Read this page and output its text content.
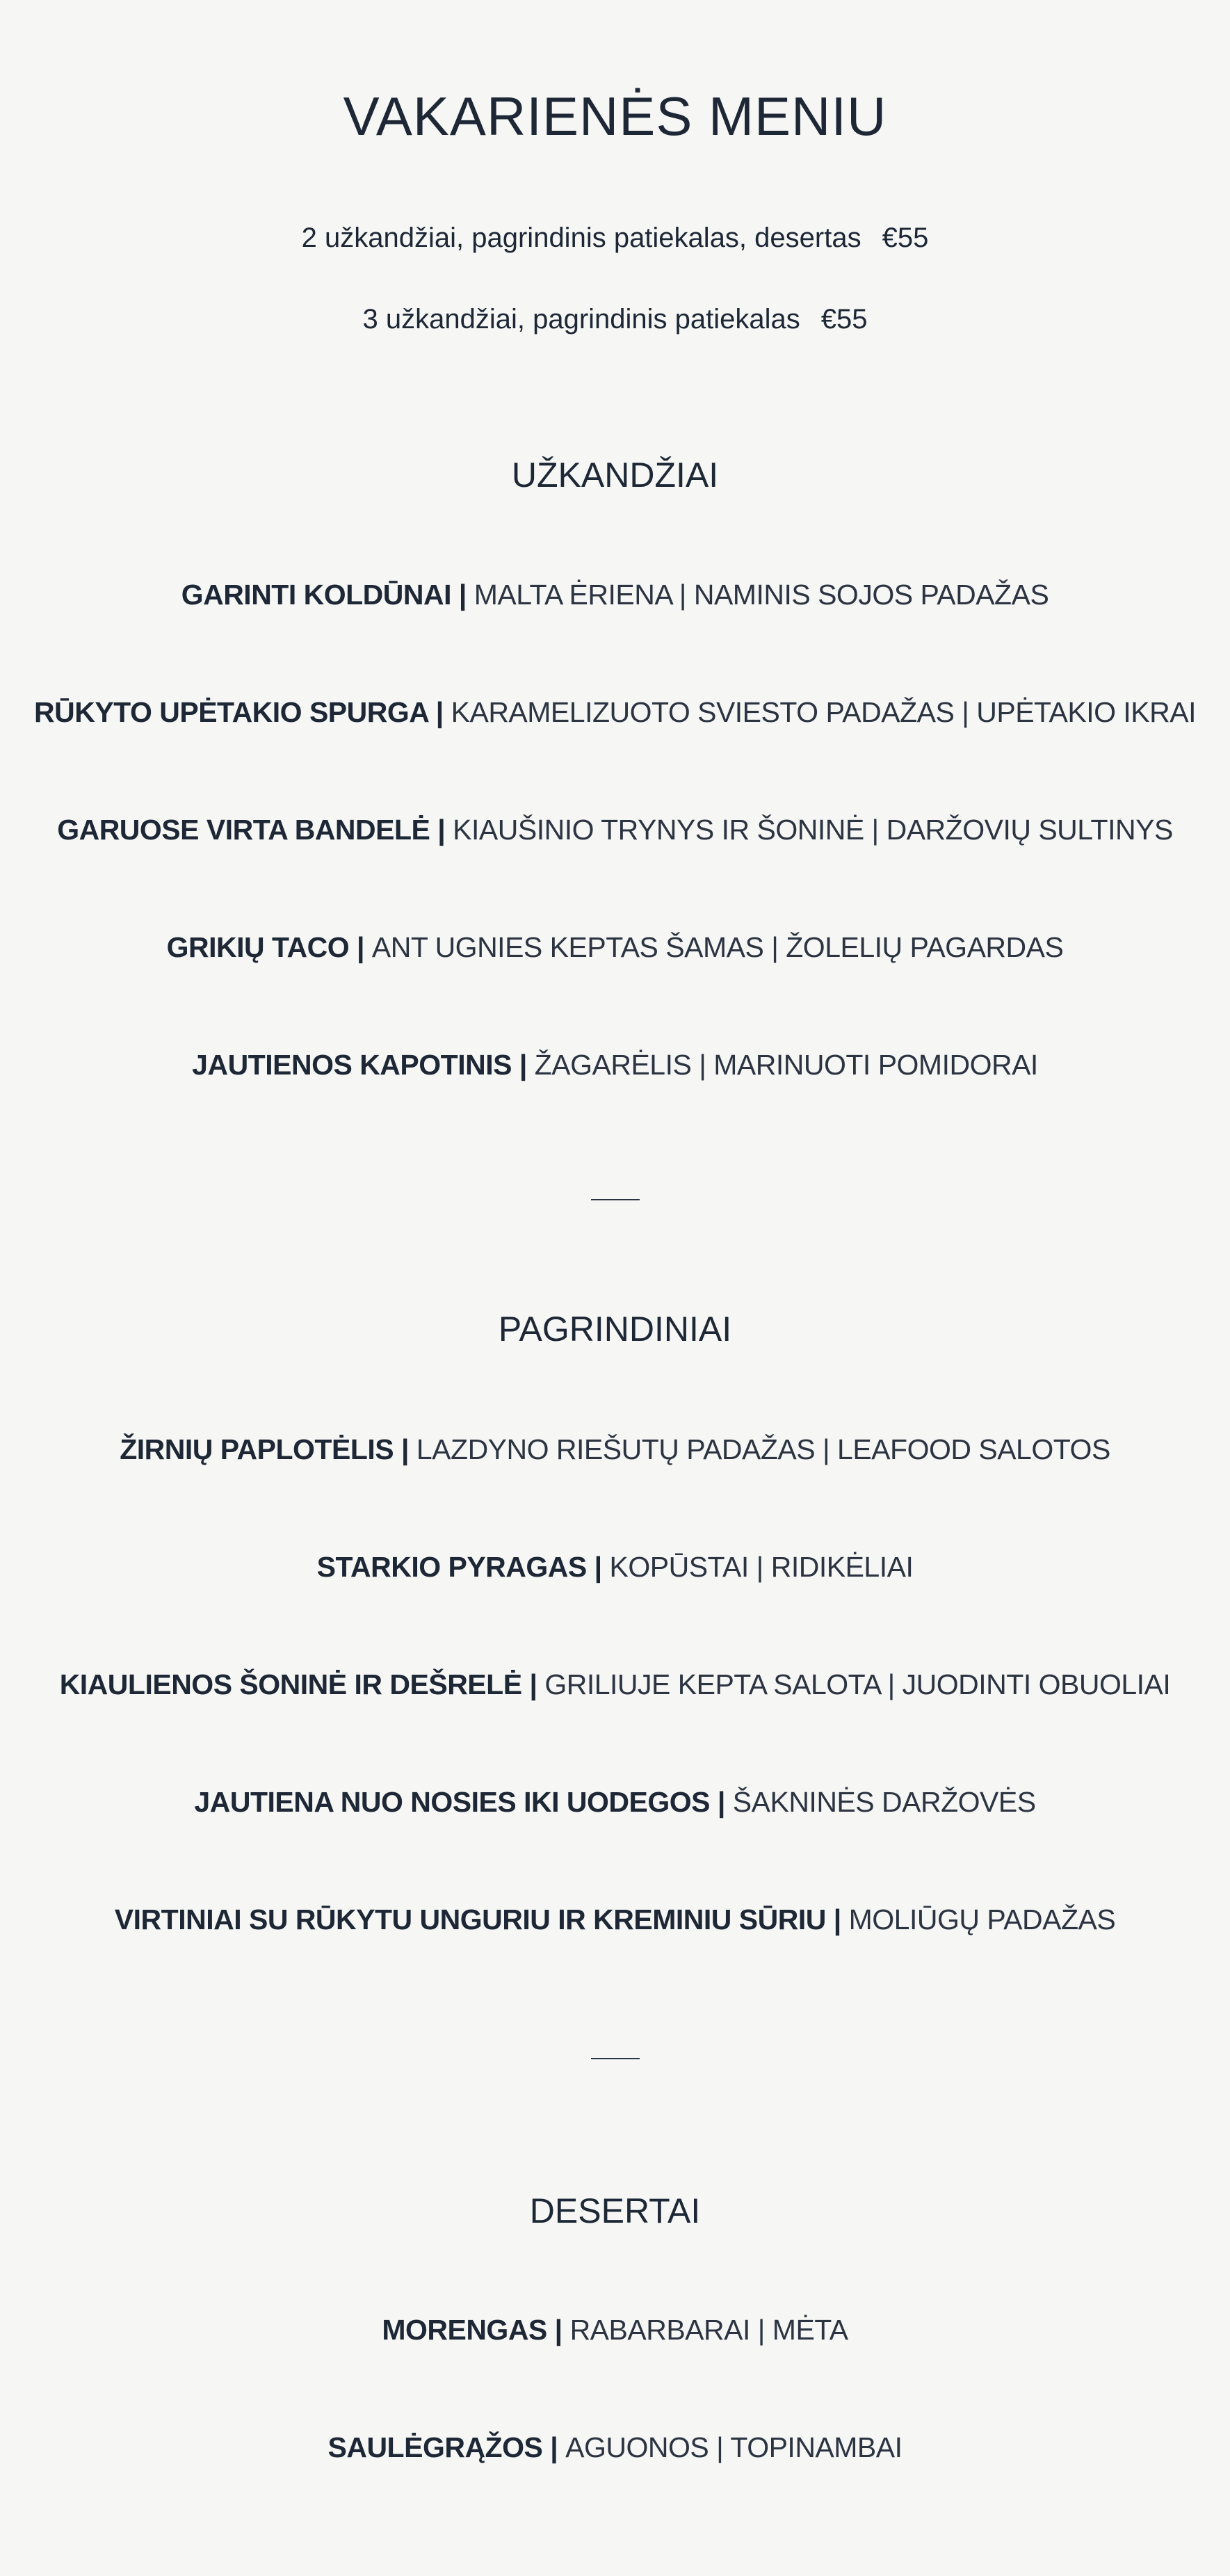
VAKARIENĖS MENIU
2 užkandžiai, pagrindinis patiekalas, desertas €55
3 užkandžiai, pagrindinis patiekalas €55
UŽKANDŽIAI
GARINTI KOLDŪNAI | MALTA ĖRIENA | NAMINIS SOJOS PADAŽAS
RŪKYTO UPĖTAKIO SPURGA | KARAMELIZUOTO SVIESTO PADAŽAS | UPĖTAKIO IKRAI
GARUOSE VIRTA BANDELĖ | KIAUŠINIO TRYNYS IR ŠONINĖ | DARŽOVIŲ SULTINYS
GRIKIŲ TACO | ANT UGNIES KEPTAS ŠAMAS | ŽOLELIŲ PAGARDAS
JAUTIENOS KAPOTINIS | ŽAGARĖLIS | MARINUOTI POMIDORAI
PAGRINDINIAI
ŽIRNIŲ PAPLOTĖLIS | LAZDYNO RIEŠUTŲ PADAŽAS | LEAFOOD SALOTOS
STARKIO PYRAGAS | KOPŪSTAI | RIDIKĖLIAI
KIAULIENOS ŠONINĖ IR DEŠRELĖ | GRILIUJE KEPTA SALOTA | JUODINTI OBUOLIAI
JAUTIENA NUO NOSIES IKI UODEGOS | ŠAKNINĖS DARŽOVĖS
VIRTINIAI SU RŪKYTU UNGURIU IR KREMINIU SŪRIU | MOLIŪGŲ PADAŽAS
DESERTAI
MORENGAS | RABARBARAI | MĖTA
SAULĖGRĄŽOS | AGUONOS | TOPINAMBAI
